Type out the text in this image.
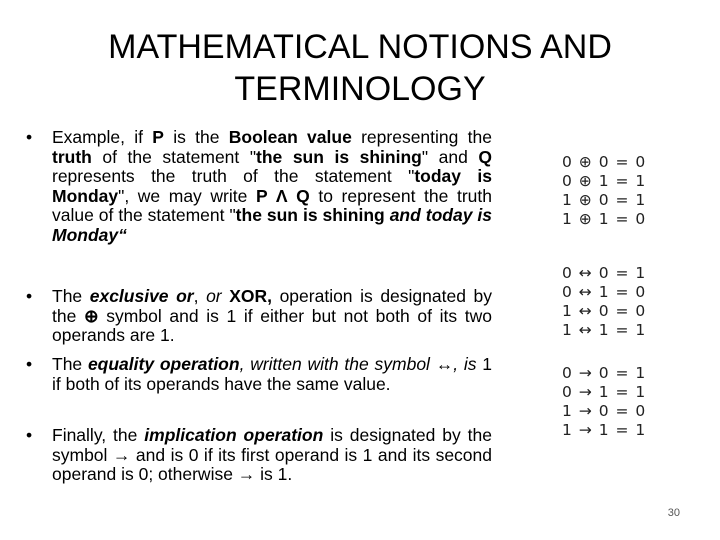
MATHEMATICAL NOTIONS AND
TERMINOLOGY
• Example, if P is the Boolean value representing the truth of the statement "the sun is shining" and Q represents the truth of the statement "today is Monday", we may write P Λ Q to represent the truth value of the statement "the sun is shining and today is Monday“
• The exclusive or, or XOR, operation is designated by the ⊕ symbol and is 1 if either but not both of its two operands are 1.
• The equality operation, written with the symbol ↔, is 1 if both of its operands have the same value.
• Finally, the implication operation is designated by the symbol → and is 0 if its first operand is 1 and its second operand is 0; otherwise → is 1.
0 ⊕ 0 = 0
0 ⊕ 1 = 1
1 ⊕ 0 = 1
1 ⊕ 1 = 0
0 ↔ 0 = 1
0 ↔ 1 = 0
1 ↔ 0 = 0
1 ↔ 1 = 1
0 → 0 = 1
0 → 1 = 1
1 → 0 = 0
1 → 1 = 1
30
